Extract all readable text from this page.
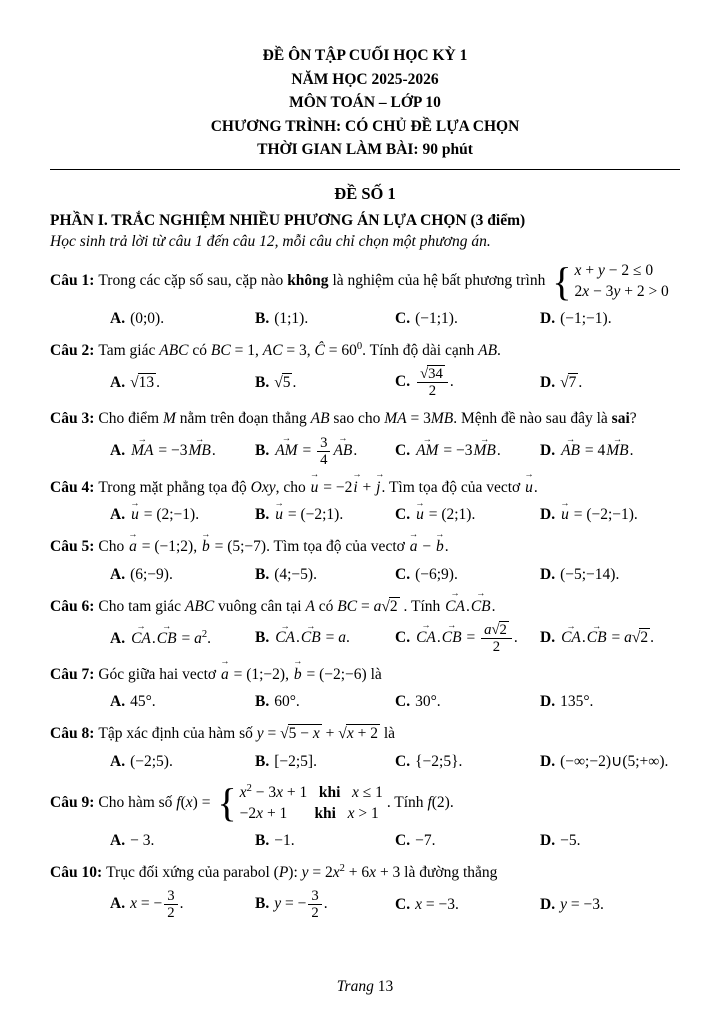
ĐỀ ÔN TẬP CUỐI HỌC KỲ 1
NĂM HỌC 2025-2026
MÔN TOÁN – LỚP 10
CHƯƠNG TRÌNH: CÓ CHỦ ĐỀ LỰA CHỌN
THỜI GIAN LÀM BÀI: 90 phút
ĐỀ SỐ 1
PHẦN I. TRẮC NGHIỆM NHIỀU PHƯƠNG ÁN LỰA CHỌN (3 điểm)
Học sinh trả lời từ câu 1 đến câu 12, mỗi câu chỉ chọn một phương án.
Câu 1: Trong các cặp số sau, cặp nào không là nghiệm của hệ bất phương trình { x + y − 2 ≤ 0
2x − 3y + 2 > 0
A. (0;0).	B. (1;1).	C. (−1;1).	D. (−1;−1).
Câu 2: Tam giác ABC có BC = 1, AC = 3, Ĉ = $60^0$. Tính độ dài cạnh AB.
A. √13 .	B. √5 .	C. $\frac{√34}{2}$ .	D. √7 .
Câu 3: Cho điểm M nằm trên đoạn thẳng AB sao cho MA = 3MB. Mệnh đề nào sau đây là sai?
A.
→
MA = −3
→
MB.	B.
→
AM = $\frac{3}{4}$ →
AB.	C.
→
AM = −3
→
MB.	D.
→
AB = 4
→
MB.
Câu 4: Trong mặt phẳng tọa độ Oxy, cho
→
u = −2
→
i +
→
j. Tìm tọa độ của vectơ
→
u.
A.
→
u = (2;−1).	B.
→
u = (−2;1).	C.
→
u = (2;1).	D.
→
u = (−2;−1).
Câu 5: Cho
→
a = (−1;2),
→
b = (5;−7). Tìm tọa độ của vectơ
→
a −
→
b.
A. (6;−9).	B. (4;−5).	C. (−6;9).	D. (−5;−14).
Câu 6: Cho tam giác ABC vuông cân tại A có BC = a√2 . Tính
→
CA.
→
CB.
A.
→
CA.
→
CB = $a^2$.	B.
→
CA.
→
CB = a.	C.
→
CA.
→
CB = $\frac{a√2}{2}$ .	D.
→
CA.
→
CB = a√2 .
Câu 7: Góc giữa hai vectơ
→
a = (1;−2),
→
b = (−2;−6) là
A. 45°.	B. 60°.	C. 30°.	D. 135°.
Câu 8: Tập xác định của hàm số y = √5 − x + √x + 2 là
A. (−2;5).	B. [−2;5].	C. {−2;5}.	D. (−∞;−2)∪(5;+∞).
Câu 9: Cho hàm số f(x) = { $x^2 - 3x + 1$  khi  x ≤ 1
−2x + 1   khi  x > 1
. Tính f(2).
A. − 3.	B. −1.	C. −7.	D. −5.
Câu 10: Trục đối xứng của parabol (P): $y = 2x^2 + 6x + 3$ là đường thẳng
A. x = − $\frac{3}{2}$ .	B. y = − $\frac{3}{2}$ .	C. x = −3.	D. y = −3.
Trang 13
